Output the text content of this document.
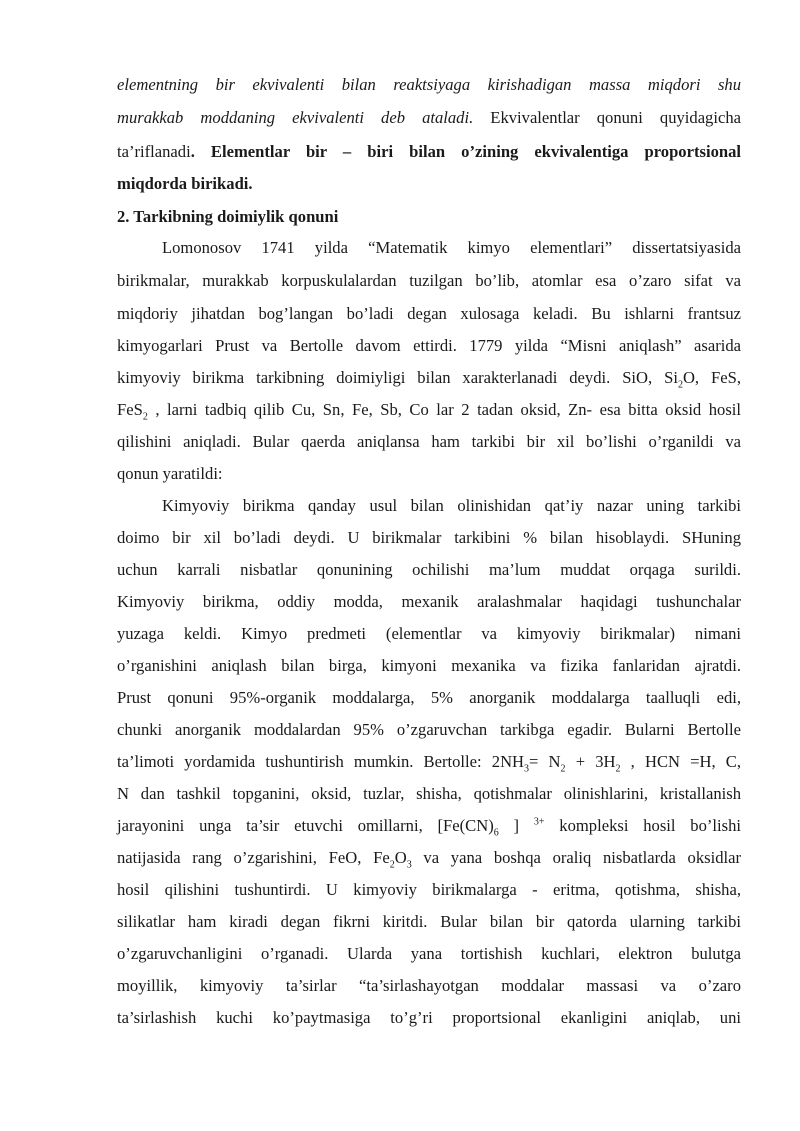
elementning bir ekvivalenti bilan reaktsiyaga kirishadigan massa miqdori shu
murakkab moddaning ekvivalenti deb ataladi. Ekvivalentlar qonuni quyidagicha
ta’riflanadi. Elementlar bir – biri bilan o’zining ekvivalentiga proportsional
miqdorda birikadi.
2. Tarkibning doimiylik qonuni
Lomonosov 1741 yilda “Matematik kimyo elementlari” dissertatsiyasida
birikmalar, murakkab korpuskulalardan tuzilgan bo’lib, atomlar esa o’zaro sifat va
miqdoriy jihatdan bog’langan bo’ladi degan xulosaga keladi. Bu ishlarni frantsuz
kimyogarlari Prust va Bertolle davom ettirdi. 1779 yilda “Misni aniqlash” asarida
kimyoviy birikma tarkibning doimiyligi bilan xarakterlanadi deydi. SiO, $Si_2O$, FeS,
FeS$_2$ , larni tadbiq qilib Cu, Sn, Fe, Sb, Co lar 2 tadan oksid, Zn- esa bitta oksid hosil
qilishini aniqladi. Bular qaerda aniqlansa ham tarkibi bir xil bo’lishi o’rganildi va
qonun yaratildi:
Kimyoviy birikma qanday usul bilan olinishidan qat’iy nazar uning tarkibi
doimo bir xil bo’ladi deydi. U birikmalar tarkibini % bilan hisoblaydi. SHuning
uchun karrali nisbatlar qonunining ochilishi ma’lum muddat orqaga surildi.
Kimyoviy birikma, oddiy modda, mexanik aralashmalar haqidagi tushunchalar
yuzaga keldi. Kimyo predmeti (elementlar va kimyoviy birikmalar) nimani
o’rganishini aniqlash bilan birga, kimyoni mexanika va fizika fanlaridan ajratdi.
Prust qonuni 95%-organik moddalarga, 5% anorganik moddalarga taalluqli edi,
chunki anorganik moddalardan 95% o’zgaruvchan tarkibga egadir. Bularni Bertolle
ta’limoti yordamida tushuntirish mumkin. Bertolle: $2NH_3= N_2 + 3H_2$ , HCN =H, C,
N dan tashkil topganini, oksid, tuzlar, shisha, qotishmalar olinishlarini, kristallanish
jarayonini unga ta’sir etuvchi omillarni, [$Fe(CN)_6$ ] $^{3+}$ kompleksi hosil bo’lishi
natijasida rang o’zgarishini, FeO, $Fe_2O_3$ va yana boshqa oraliq nisbatlarda oksidlar
hosil qilishini tushuntirdi. U kimyoviy birikmalarga - eritma, qotishma, shisha,
silikatlar ham kiradi degan fikrni kiritdi. Bular bilan bir qatorda ularning tarkibi
o’zgaruvchanligini o’rganadi. Ularda yana tortishish kuchlari, elektron bulutga
moyillik, kimyoviy ta’sirlar “ta’sirlashayotgan moddalar massasi va o’zaro
ta’sirlashish kuchi ko’paytmasiga to’g’ri proportsional ekanligini aniqlab, uni
